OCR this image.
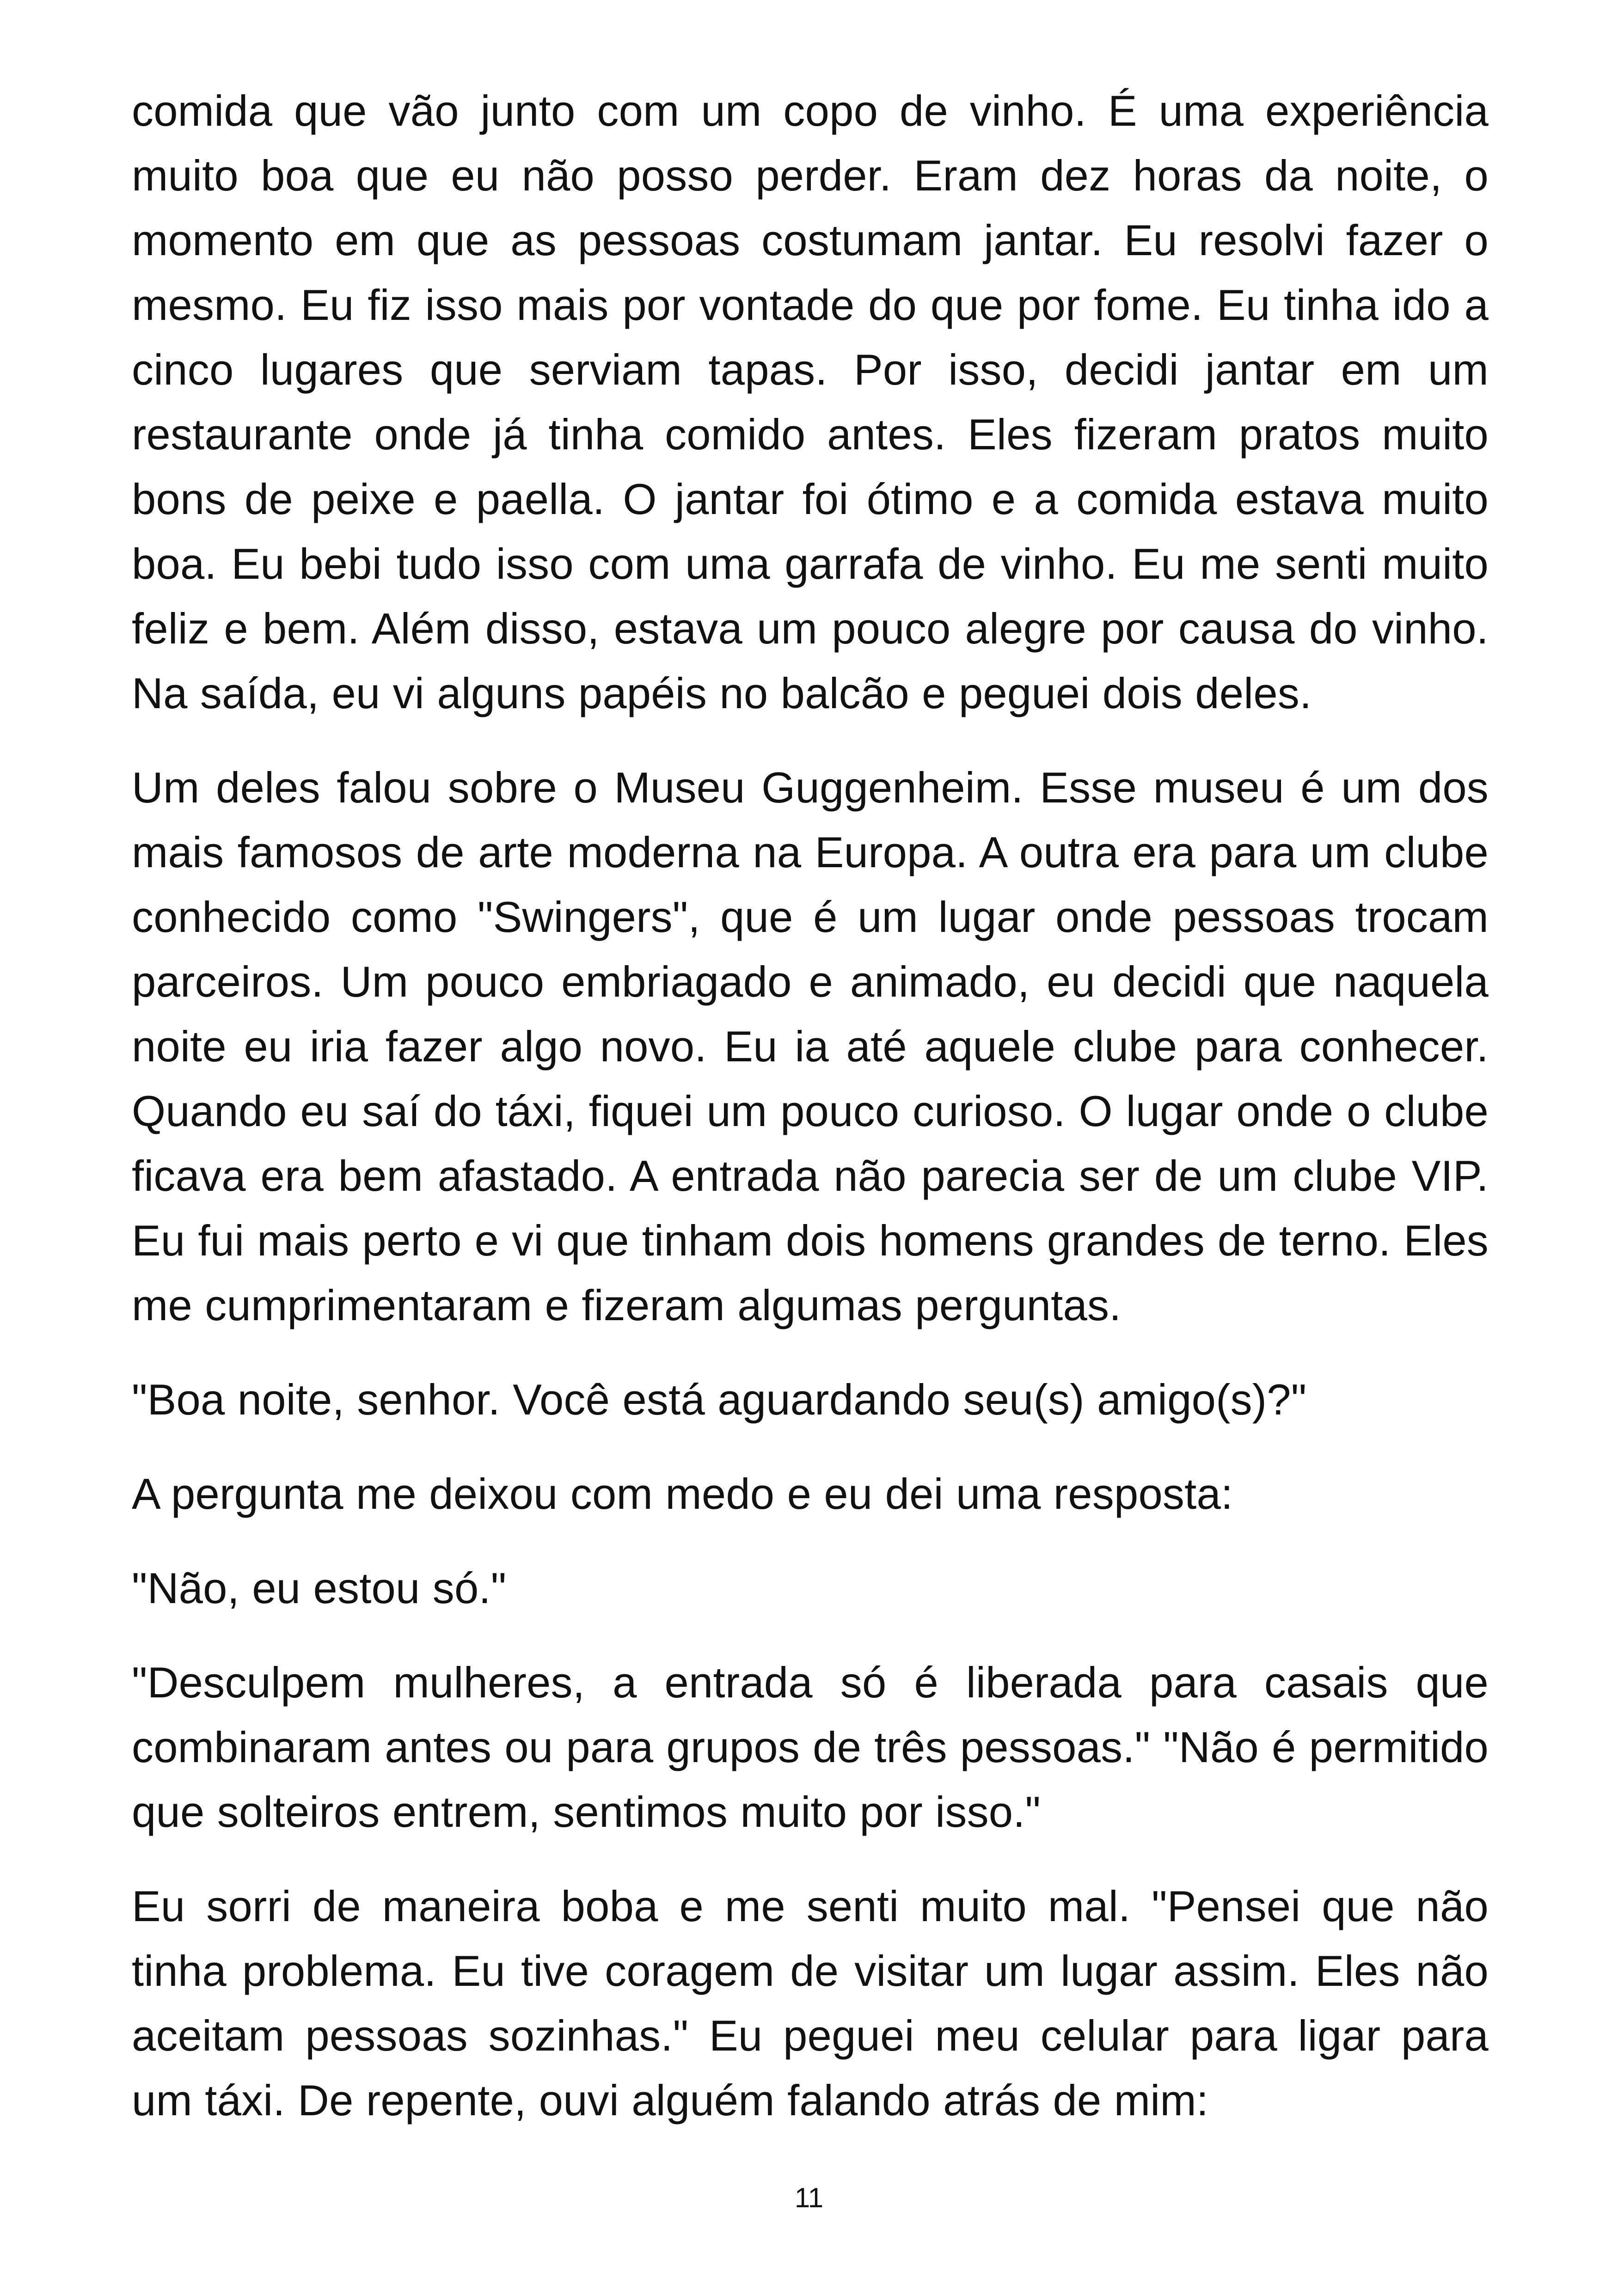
comida que vão junto com um copo de vinho. É uma experiência muito boa que eu não posso perder. Eram dez horas da noite, o momento em que as pessoas costumam jantar. Eu resolvi fazer o mesmo. Eu fiz isso mais por vontade do que por fome. Eu tinha ido a cinco lugares que serviam tapas. Por isso, decidi jantar em um restaurante onde já tinha comido antes. Eles fizeram pratos muito bons de peixe e paella. O jantar foi ótimo e a comida estava muito boa. Eu bebi tudo isso com uma garrafa de vinho. Eu me senti muito feliz e bem. Além disso, estava um pouco alegre por causa do vinho. Na saída, eu vi alguns papéis no balcão e peguei dois deles.

Um deles falou sobre o Museu Guggenheim. Esse museu é um dos mais famosos de arte moderna na Europa. A outra era para um clube conhecido como "Swingers", que é um lugar onde pessoas trocam parceiros. Um pouco embriagado e animado, eu decidi que naquela noite eu iria fazer algo novo. Eu ia até aquele clube para conhecer. Quando eu saí do táxi, fiquei um pouco curioso. O lugar onde o clube ficava era bem afastado. A entrada não parecia ser de um clube VIP. Eu fui mais perto e vi que tinham dois homens grandes de terno. Eles me cumprimentaram e fizeram algumas perguntas.

"Boa noite, senhor. Você está aguardando seu(s) amigo(s)?"

A pergunta me deixou com medo e eu dei uma resposta:

"Não, eu estou só."

"Desculpem mulheres, a entrada só é liberada para casais que combinaram antes ou para grupos de três pessoas." "Não é permitido que solteiros entrem, sentimos muito por isso."

Eu sorri de maneira boba e me senti muito mal. "Pensei que não tinha problema. Eu tive coragem de visitar um lugar assim. Eles não aceitam pessoas sozinhas." Eu peguei meu celular para ligar para um táxi. De repente, ouvi alguém falando atrás de mim:

11
